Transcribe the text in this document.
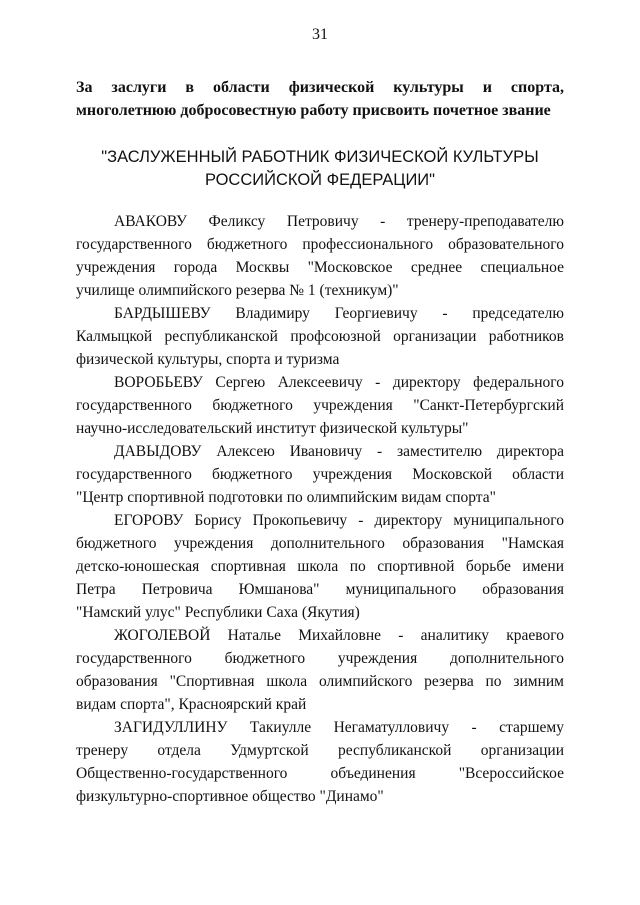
31
За заслуги в области физической культуры и спорта,
многолетнюю добросовестную работу присвоить почетное звание
"ЗАСЛУЖЕННЫЙ РАБОТНИК ФИЗИЧЕСКОЙ КУЛЬТУРЫ
РОССИЙСКОЙ ФЕДЕРАЦИИ"
АВАКОВУ Феликсу Петровичу - тренеру-преподавателю
государственного бюджетного профессионального образовательного
учреждения города Москвы "Московское среднее специальное
училище олимпийского резерва № 1 (техникум)"
БАРДЫШЕВУ Владимиру Георгиевичу - председателю
Калмыцкой республиканской профсоюзной организации работников
физической культуры, спорта и туризма
ВОРОБЬЕВУ Сергею Алексеевичу - директору федерального
государственного бюджетного учреждения "Санкт-Петербургский
научно-исследовательский институт физической культуры"
ДАВЫДОВУ Алексею Ивановичу - заместителю директора
государственного бюджетного учреждения Московской области
"Центр спортивной подготовки по олимпийским видам спорта"
ЕГОРОВУ Борису Прокопьевичу - директору муниципального
бюджетного учреждения дополнительного образования "Намская
детско-юношеская спортивная школа по спортивной борьбе имени
Петра Петровича Юмшанова" муниципального образования
"Намский улус" Республики Саха (Якутия)
ЖОГОЛЕВОЙ Наталье Михайловне - аналитику краевого
государственного бюджетного учреждения дополнительного
образования "Спортивная школа олимпийского резерва по зимним
видам спорта", Красноярский край
ЗАГИДУЛЛИНУ Такиулле Негаматулловичу - старшему
тренеру отдела Удмуртской республиканской организации
Общественно-государственного объединения "Всероссийское
физкультурно-спортивное общество "Динамо"
